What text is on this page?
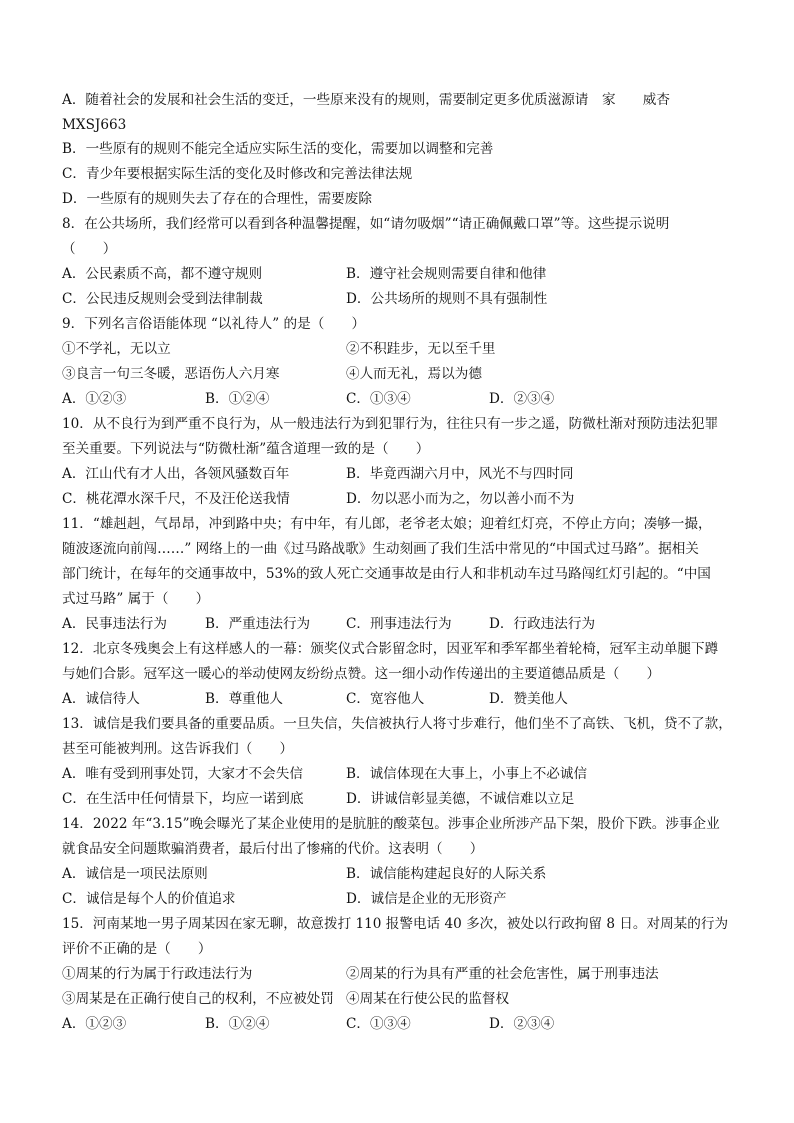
A．随着社会的发展和社会生活的变迁，一些原来没有的规则，需要制定更多优质滋源请　家　　威杏
MXSJ663
B．一些原有的规则不能完全适应实际生活的变化，需要加以调整和完善
C．青少年要根据实际生活的变化及时修改和完善法律法规
D．一些原有的规则失去了存在的合理性，需要废除
8．在公共场所，我们经常可以看到各种温馨提醒，如“请勿吸烟”“请正确佩戴口罩”等。这些提示说明
（　　）
A．公民素质不高，都不遵守规则	B．遵守社会规则需要自律和他律
C．公民违反规则会受到法律制裁	D．公共场所的规则不具有强制性
9．下列名言俗语能体现 “以礼待人” 的是（　　）
①不学礼，无以立	②不积跬步，无以至千里
③良言一句三冬暖，恶语伤人六月寒	④人而无礼，焉以为德
A．①②③	B．①②④	C．①③④	D．②③④
10．从不良行为到严重不良行为，从一般违法行为到犯罪行为，往往只有一步之遥，防微杜渐对预防违法犯罪
至关重要。下列说法与“防微杜渐”蕴含道理一致的是（　　）
A．江山代有才人出，各领风骚数百年	B．毕竟西湖六月中，风光不与四时同
C．桃花潭水深千尺，不及汪伦送我情	D．勿以恶小而为之，勿以善小而不为
11．“雄赳赳，气昂昂，冲到路中央；有中年，有儿郎，老爷老太娘；迎着红灯亮，不停止方向；凑够一撮，
随波逐流向前闯……” 网络上的一曲《过马路战歌》生动刻画了我们生活中常见的“中国式过马路”。据相关
部门统计，在每年的交通事故中，53%的致人死亡交通事故是由行人和非机动车过马路闯红灯引起的。“中国
式过马路” 属于（　　）
A．民事违法行为	B．严重违法行为	C．刑事违法行为	D．行政违法行为
12．北京冬残奥会上有这样感人的一幕：颁奖仪式合影留念时，因亚军和季军都坐着轮椅，冠军主动单腿下蹲
与她们合影。冠军这一暖心的举动使网友纷纷点赞。这一细小动作传递出的主要道德品质是（　　）
A．诚信待人	B．尊重他人	C．宽容他人	D．赞美他人
13．诚信是我们要具备的重要品质。一旦失信，失信被执行人将寸步难行，他们坐不了高铁、飞机，贷不了款，
甚至可能被判刑。这告诉我们（　　）
A．唯有受到刑事处罚，大家才不会失信	B．诚信体现在大事上，小事上不必诚信
C．在生活中任何情景下，均应一诺到底	D．讲诚信彰显美德，不诚信难以立足
14．2022 年“3.15”晚会曝光了某企业使用的是肮脏的酸菜包。涉事企业所涉产品下架，股价下跌。涉事企业
就食品安全问题欺骗消费者，最后付出了惨痛的代价。这表明（　　）
A．诚信是一项民法原则	B．诚信能构建起良好的人际关系
C．诚信是每个人的价值追求	D．诚信是企业的无形资产
15．河南某地一男子周某因在家无聊，故意拨打 110 报警电话 40 多次，被处以行政拘留 8 日。对周某的行为
评价不正确的是（　　）
①周某的行为属于行政违法行为	②周某的行为具有严重的社会危害性，属于刑事违法
③周某是在正确行使自己的权利，不应被处罚 ④周某在行使公民的监督权
A．①②③	B．①②④	C．①③④	D．②③④
